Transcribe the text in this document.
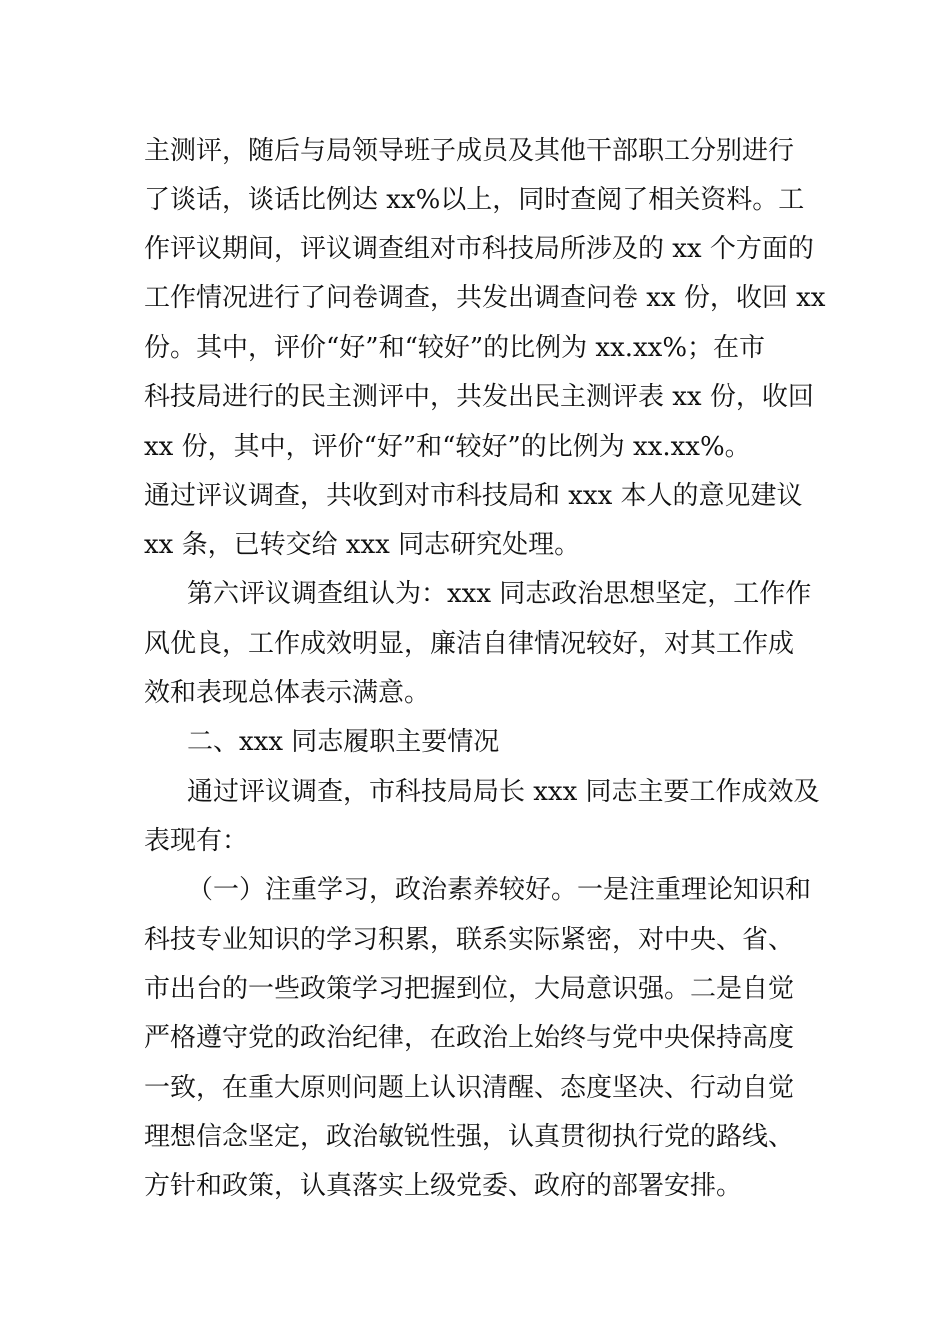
主测评，随后与局领导班子成员及其他干部职工分别进行
了谈话，谈话比例达 xx%以上，同时查阅了相关资料。工
作评议期间，评议调查组对市科技局所涉及的 xx 个方面的
工作情况进行了问卷调查，共发出调查问卷 xx 份，收回 xx
份。其中，评价“好”和“较好”的比例为 xx.xx%；在市
科技局进行的民主测评中，共发出民主测评表 xx 份，收回
xx 份，其中，评价“好”和“较好”的比例为 xx.xx%。
通过评议调查，共收到对市科技局和 xxx 本人的意见建议
xx 条，已转交给 xxx 同志研究处理。
第六评议调查组认为：xxx 同志政治思想坚定，工作作
风优良，工作成效明显，廉洁自律情况较好，对其工作成
效和表现总体表示满意。
二、xxx 同志履职主要情况
通过评议调查，市科技局局长 xxx 同志主要工作成效及
表现有：
（一）注重学习，政治素养较好。一是注重理论知识和
科技专业知识的学习积累，联系实际紧密，对中央、省、
市出台的一些政策学习把握到位，大局意识强。二是自觉
严格遵守党的政治纪律，在政治上始终与党中央保持高度
一致，在重大原则问题上认识清醒、态度坚决、行动自觉
理想信念坚定，政治敏锐性强，认真贯彻执行党的路线、
方针和政策，认真落实上级党委、政府的部署安排。
